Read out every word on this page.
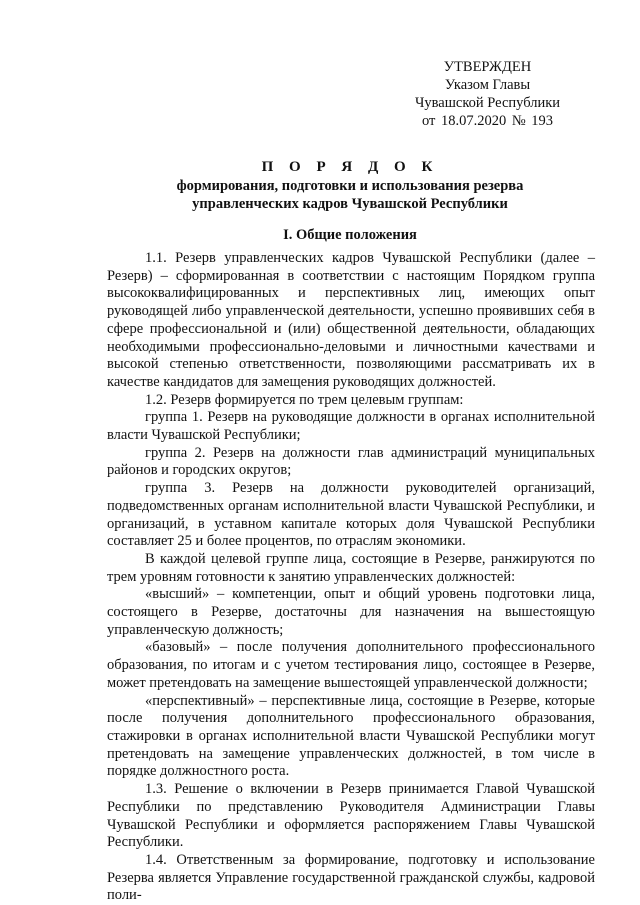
УТВЕРЖДЕН
Указом Главы
Чувашской Республики
от 18.07.2020 № 193
П О Р Я Д О К
формирования, подготовки и использования резерва
управленческих кадров Чувашской Республики
I. Общие положения

1.1. Резерв управленческих кадров Чувашской Республики (далее – Резерв) – сформированная в соответствии с настоящим Порядком группа высококвалифицированных и перспективных лиц, имеющих опыт руководящей либо управленческой деятельности, успешно проявивших себя в сфере профессиональной и (или) общественной деятельности, обладающих необходимыми профессионально-деловыми и личностными качествами и высокой степенью ответственности, позволяющими рассматривать их в качестве кандидатов для замещения руководящих должностей.

1.2. Резерв формируется по трем целевым группам:

группа 1. Резерв на руководящие должности в органах исполнительной власти Чувашской Республики;

группа 2. Резерв на должности глав администраций муниципальных районов и городских округов;

группа 3. Резерв на должности руководителей организаций, подведомственных органам исполнительной власти Чувашской Республики, и организаций, в уставном капитале которых доля Чувашской Республики составляет 25 и более процентов, по отраслям экономики.

В каждой целевой группе лица, состоящие в Резерве, ранжируются по трем уровням готовности к занятию управленческих должностей:

«высший» – компетенции, опыт и общий уровень подготовки лица, состоящего в Резерве, достаточны для назначения на вышестоящую управленческую должность;

«базовый» – после получения дополнительного профессионального образования, по итогам и с учетом тестирования лицо, состоящее в Резерве, может претендовать на замещение вышестоящей управленческой должности;

«перспективный» – перспективные лица, состоящие в Резерве, которые после получения дополнительного профессионального образования, стажировки в органах исполнительной власти Чувашской Республики могут претендовать на замещение управленческих должностей, в том числе в порядке должностного роста.

1.3. Решение о включении в Резерв принимается Главой Чувашской Республики по представлению Руководителя Администрации Главы Чувашской Республики и оформляется распоряжением Главы Чувашской Республики.

1.4. Ответственным за формирование, подготовку и использование Резерва является Управление государственной гражданской службы, кадровой поли-
